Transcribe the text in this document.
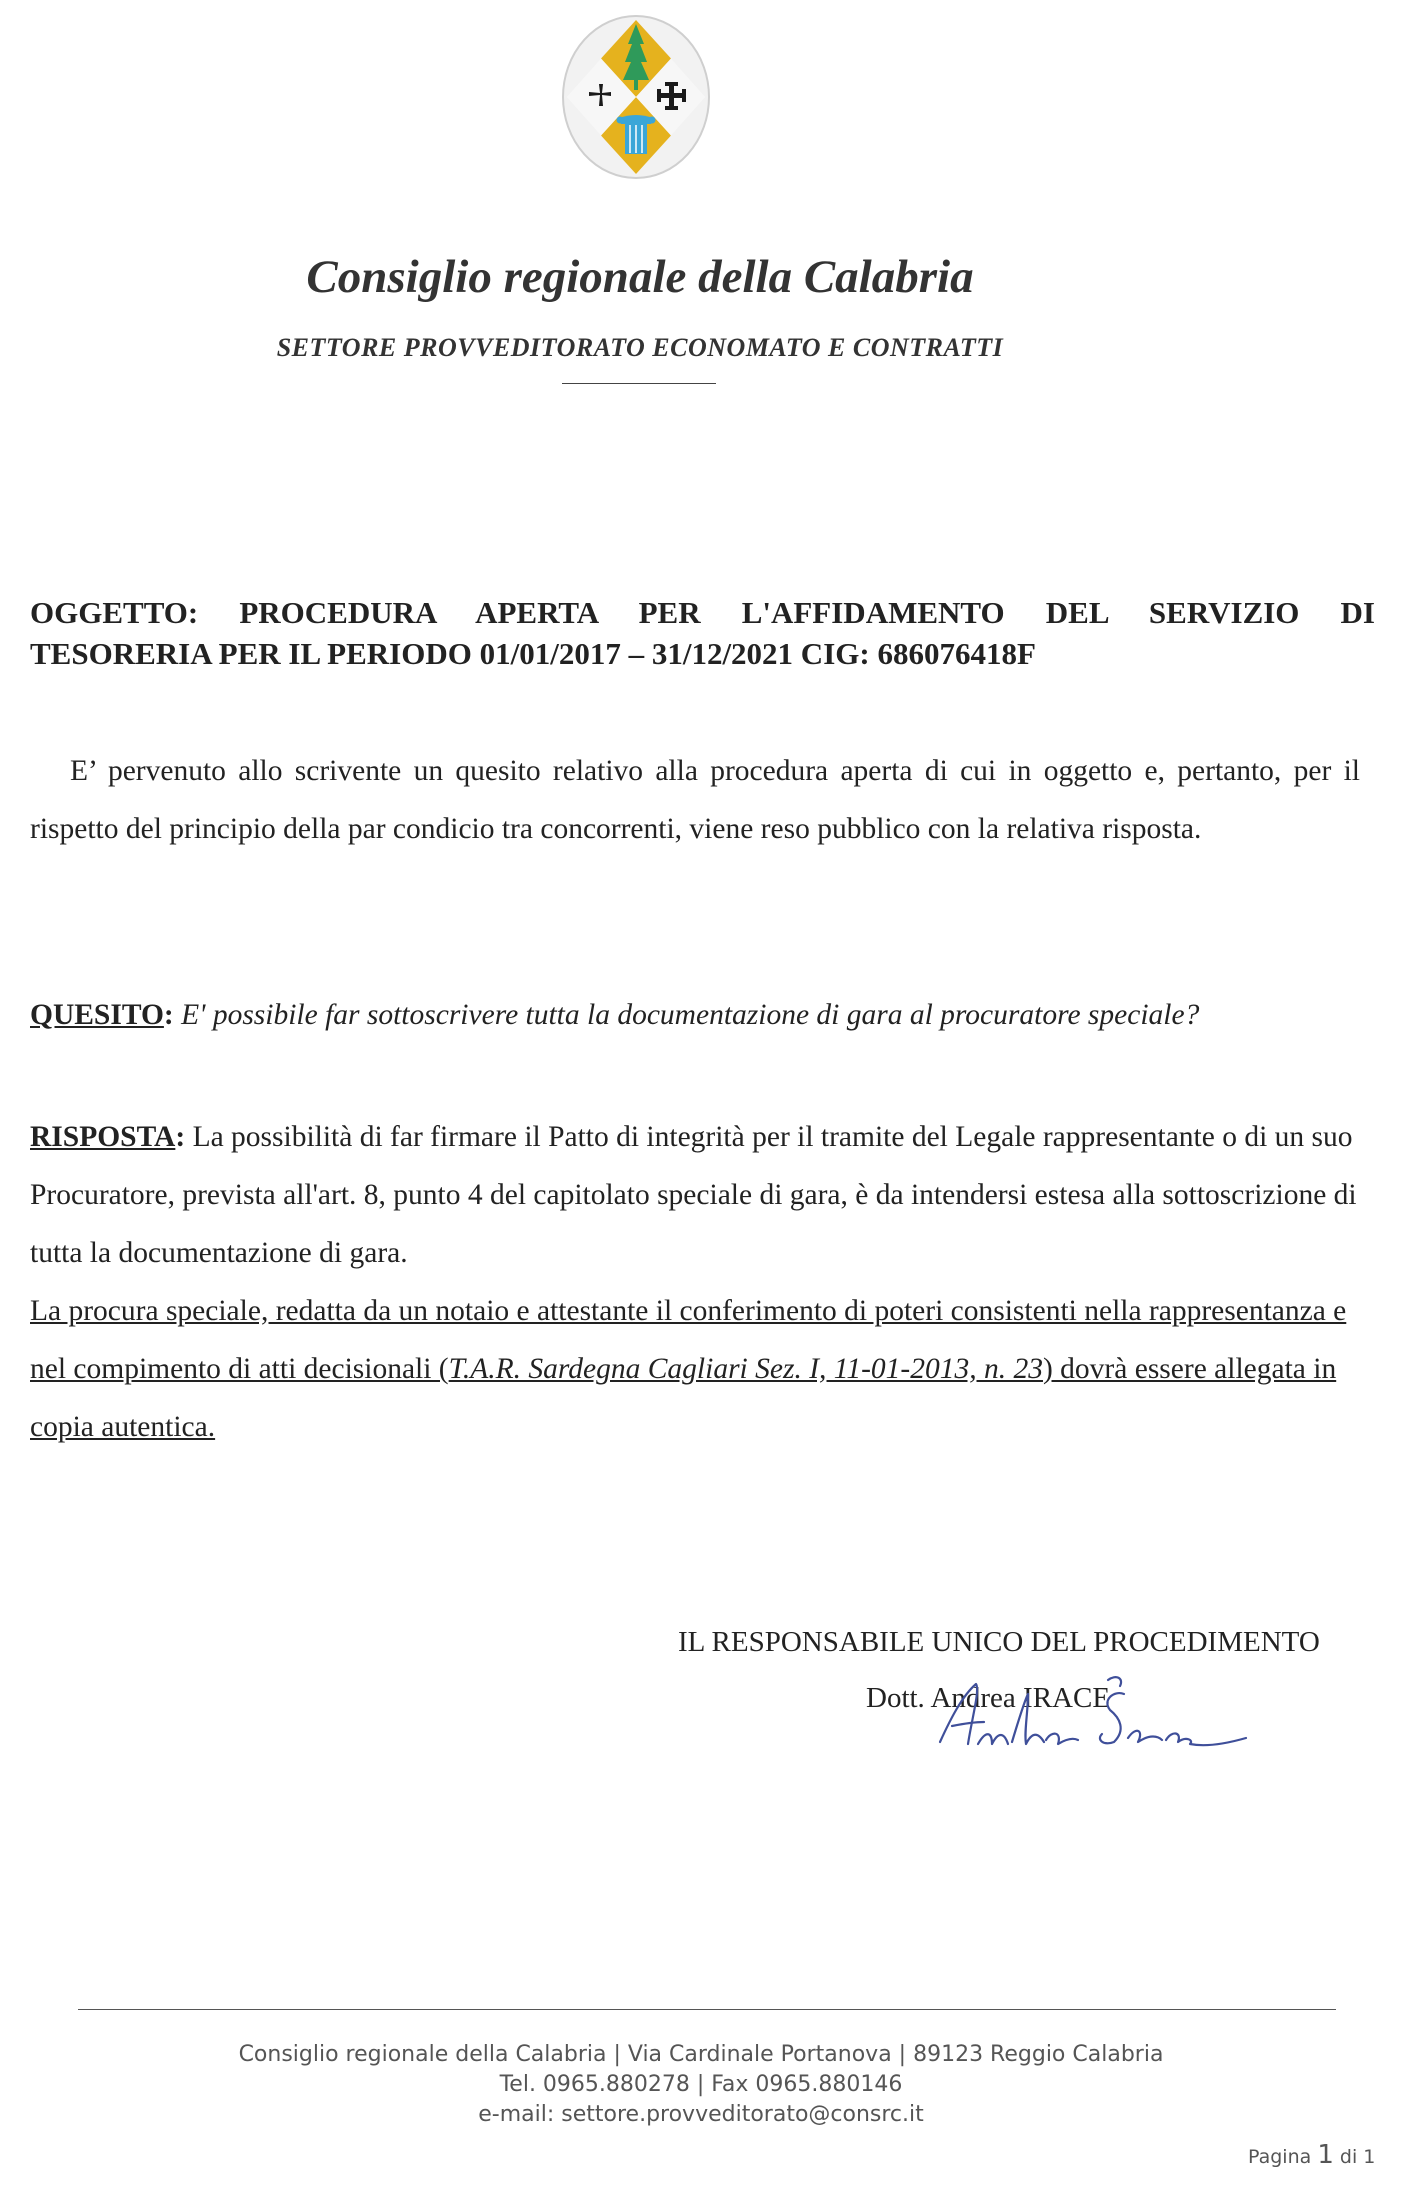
Consiglio regionale della Calabria
SETTORE PROVVEDITORATO ECONOMATO E CONTRATTI
OGGETTO: PROCEDURA APERTA PER L'AFFIDAMENTO DEL SERVIZIO DI
TESORERIA PER IL PERIODO 01/01/2017 – 31/12/2021 CIG: 686076418F
E’ pervenuto allo scrivente un quesito relativo alla procedura aperta di cui in oggetto e, pertanto, per il rispetto del principio della par condicio tra concorrenti, viene reso pubblico con la relativa risposta.
QUESITO: E' possibile far sottoscrivere tutta la documentazione di gara al procuratore speciale?
RISPOSTA: La possibilità di far firmare il Patto di integrità per il tramite del Legale rappresentante o di un suo Procuratore, prevista all'art. 8, punto 4 del capitolato speciale di gara, è da intendersi estesa alla sottoscrizione di tutta la documentazione di gara.
La procura speciale, redatta da un notaio e attestante il conferimento di poteri consistenti nella rappresentanza e nel compimento di atti decisionali (T.A.R. Sardegna Cagliari Sez. I, 11-01-2013, n. 23) dovrà essere allegata in copia autentica.
IL RESPONSABILE UNICO DEL PROCEDIMENTO
Dott. Andrea IRACE
Consiglio regionale della Calabria | Via Cardinale Portanova | 89123 Reggio Calabria
Tel. 0965.880278 | Fax 0965.880146
e-mail: settore.provveditorato@consrc.it
Pagina 1 di 1
